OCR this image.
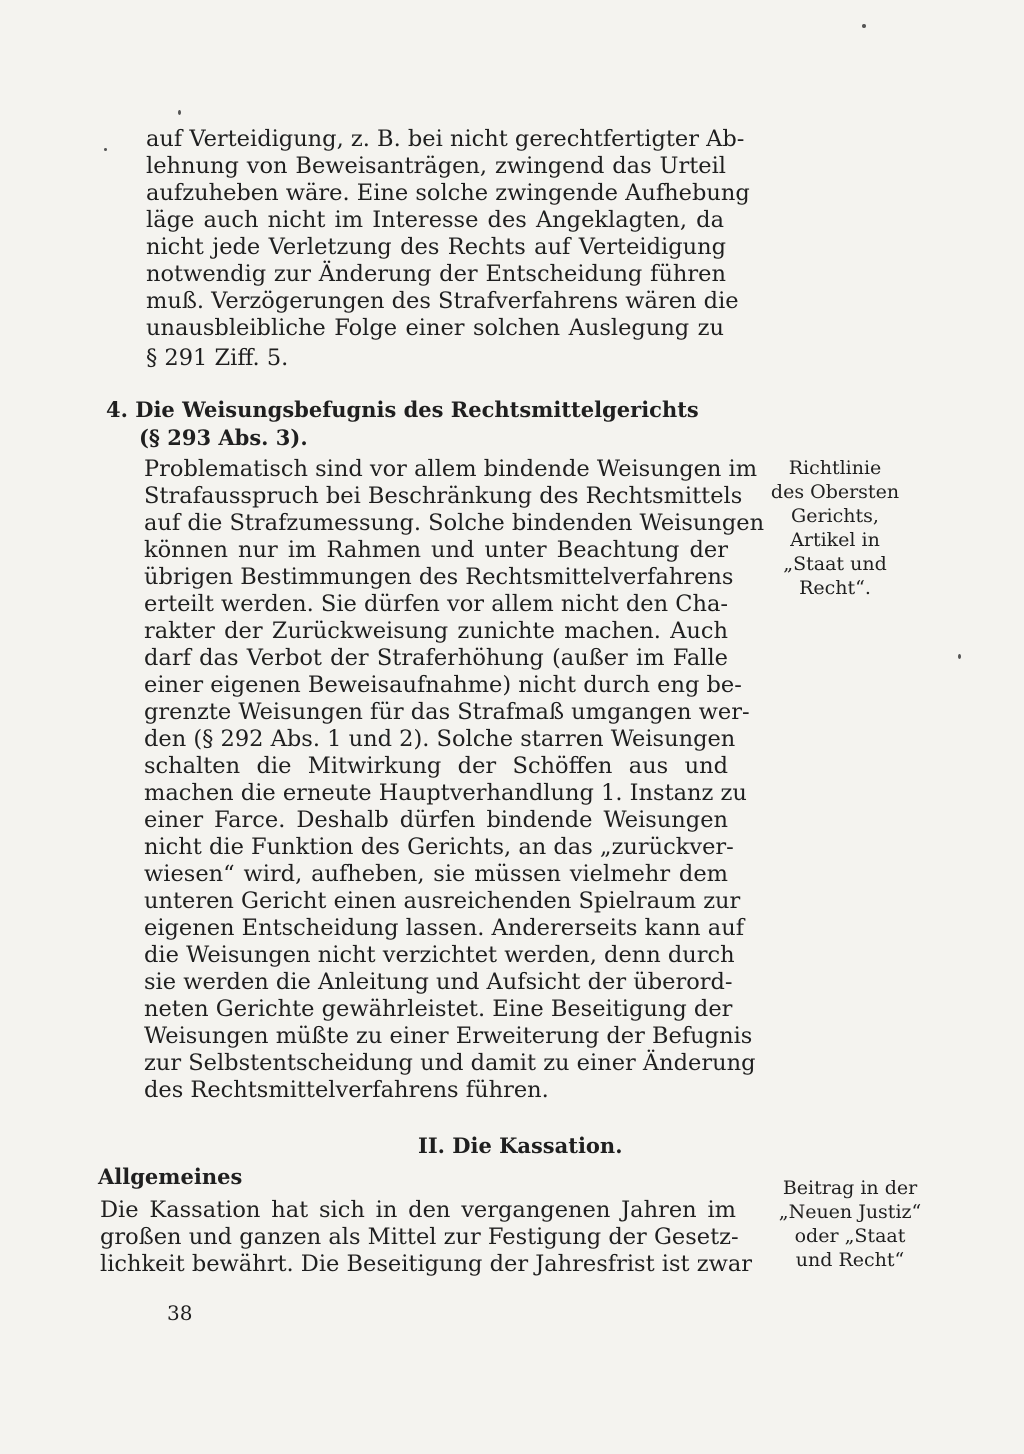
auf Verteidigung, z. B. bei nicht gerechtfertigter Ab-

lehnung von Beweisanträgen, zwingend das Urteil

aufzuheben wäre. Eine solche zwingende Aufhebung

läge auch nicht im Interesse des Angeklagten, da

nicht jede Verletzung des Rechts auf Verteidigung

notwendig zur Änderung der Entscheidung führen

muß. Verzögerungen des Strafverfahrens wären die

unausbleibliche Folge einer solchen Auslegung zu

§ 291 Ziff. 5.

4. Die Weisungsbefugnis des Rechtsmittelgerichts

(§ 293 Abs. 3).

Problematisch sind vor allem bindende Weisungen im

Strafausspruch bei Beschränkung des Rechtsmittels

auf die Strafzumessung. Solche bindenden Weisungen

können nur im Rahmen und unter Beachtung der

übrigen Bestimmungen des Rechtsmittelverfahrens

erteilt werden. Sie dürfen vor allem nicht den Cha-

rakter der Zurückweisung zunichte machen. Auch

darf das Verbot der Straferhöhung (außer im Falle

einer eigenen Beweisaufnahme) nicht durch eng be-

grenzte Weisungen für das Strafmaß umgangen wer-

den (§ 292 Abs. 1 und 2). Solche starren Weisungen

schalten die Mitwirkung der Schöffen aus und

machen die erneute Hauptverhandlung 1. Instanz zu

einer Farce. Deshalb dürfen bindende Weisungen

nicht die Funktion des Gerichts, an das „zurückver-

wiesen“ wird, aufheben, sie müssen vielmehr dem

unteren Gericht einen ausreichenden Spielraum zur

eigenen Entscheidung lassen. Andererseits kann auf

die Weisungen nicht verzichtet werden, denn durch

sie werden die Anleitung und Aufsicht der überord-

neten Gerichte gewährleistet. Eine Beseitigung der

Weisungen müßte zu einer Erweiterung der Befugnis

zur Selbstentscheidung und damit zu einer Änderung

des Rechtsmittelverfahrens führen.

Richtlinie

des Obersten

Gerichts,

Artikel in

„Staat und

Recht“.

II. Die Kassation.

Allgemeines

Die Kassation hat sich in den vergangenen Jahren im

großen und ganzen als Mittel zur Festigung der Gesetz-

lichkeit bewährt. Die Beseitigung der Jahresfrist ist zwar

Beitrag in der

„Neuen Justiz“

oder „Staat

und Recht“

38
